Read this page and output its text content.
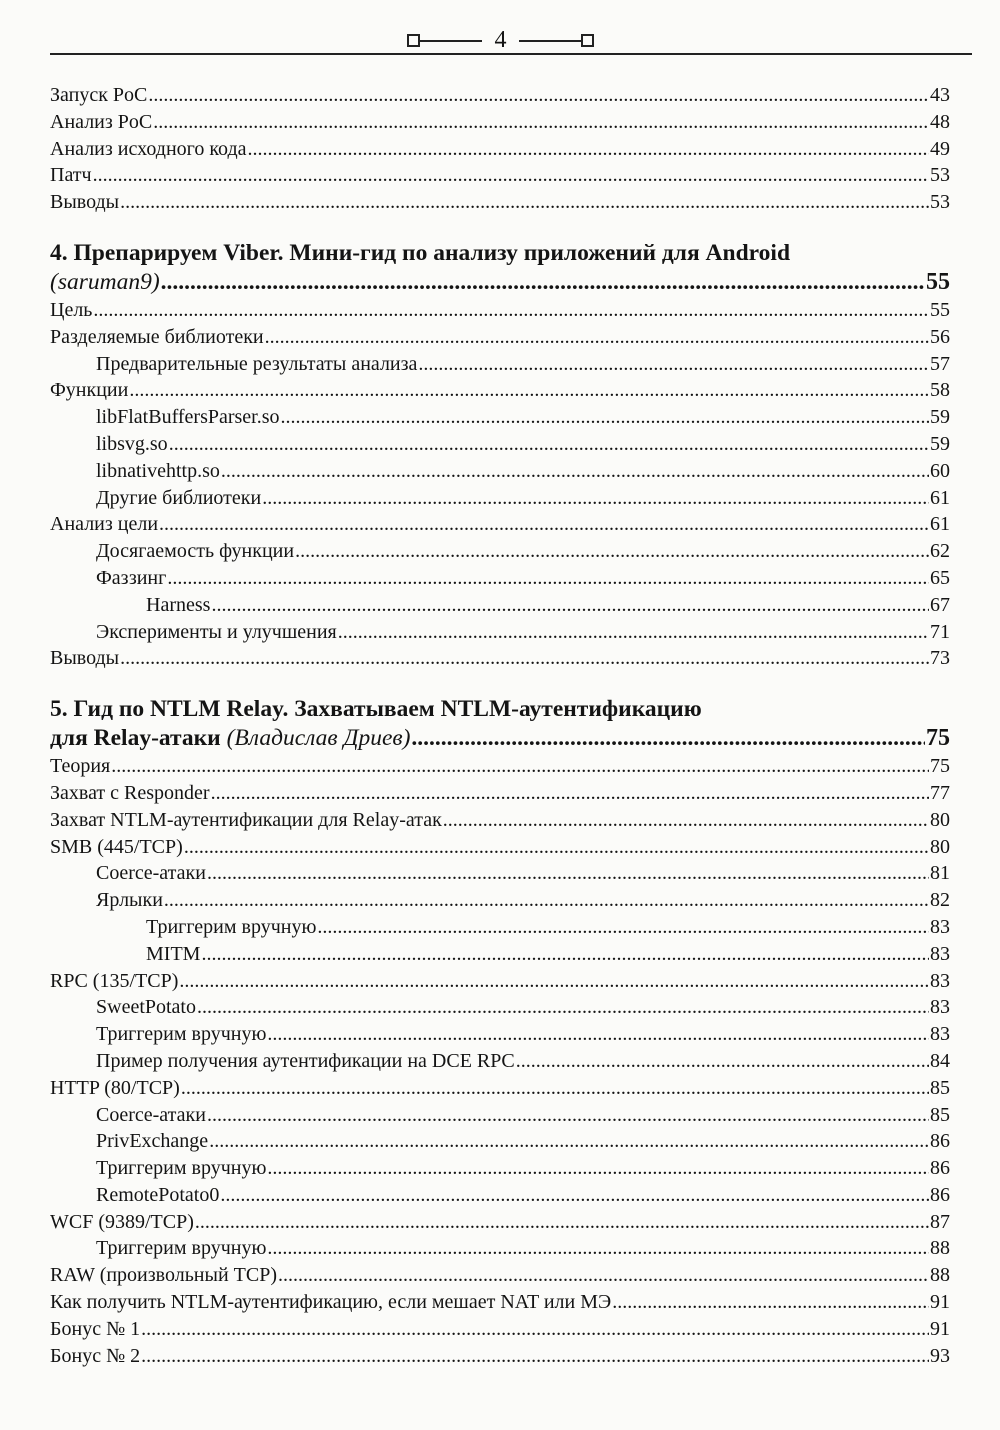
4
Запуск PoC .....	43
Анализ PoC .....	48
Анализ исходного кода .....	49
Патч .....	53
Выводы .....	53
4. Препарируем Viber. Мини-гид по анализу приложений для Android
(saruman9) .....	55
Цель .....	55
Разделяемые библиотеки .....	56
Предварительные результаты анализа .....	57
Функции .....	58
libFlatBuffersParser.so .....	59
libsvg.so .....	59
libnativehttp.so .....	60
Другие библиотеки .....	61
Анализ цели .....	61
Досягаемость функции .....	62
Фаззинг .....	65
Harness .....	67
Эксперименты и улучшения .....	71
Выводы .....	73
5. Гид по NTLM Relay. Захватываем NTLM-аутентификацию
для Relay-атаки (Владислав Дриев) .....	75
Теория .....	75
Захват с Responder .....	77
Захват NTLM-аутентификации для Relay-атак .....	80
SMB (445/TCP) .....	80
Coerce-атаки .....	81
Ярлыки .....	82
Триггерим вручную .....	83
MITM .....	83
RPC (135/TCP) .....	83
SweetPotato .....	83
Триггерим вручную .....	83
Пример получения аутентификации на DCE RPC .....	84
HTTP (80/TCP) .....	85
Coerce-атаки .....	85
PrivExchange .....	86
Триггерим вручную .....	86
RemotePotato0 .....	86
WCF (9389/TCP) .....	87
Триггерим вручную .....	88
RAW (произвольный TCP) .....	88
Как получить NTLM-аутентификацию, если мешает NAT или МЭ .....	91
Бонус № 1 .....	91
Бонус № 2 .....	93
